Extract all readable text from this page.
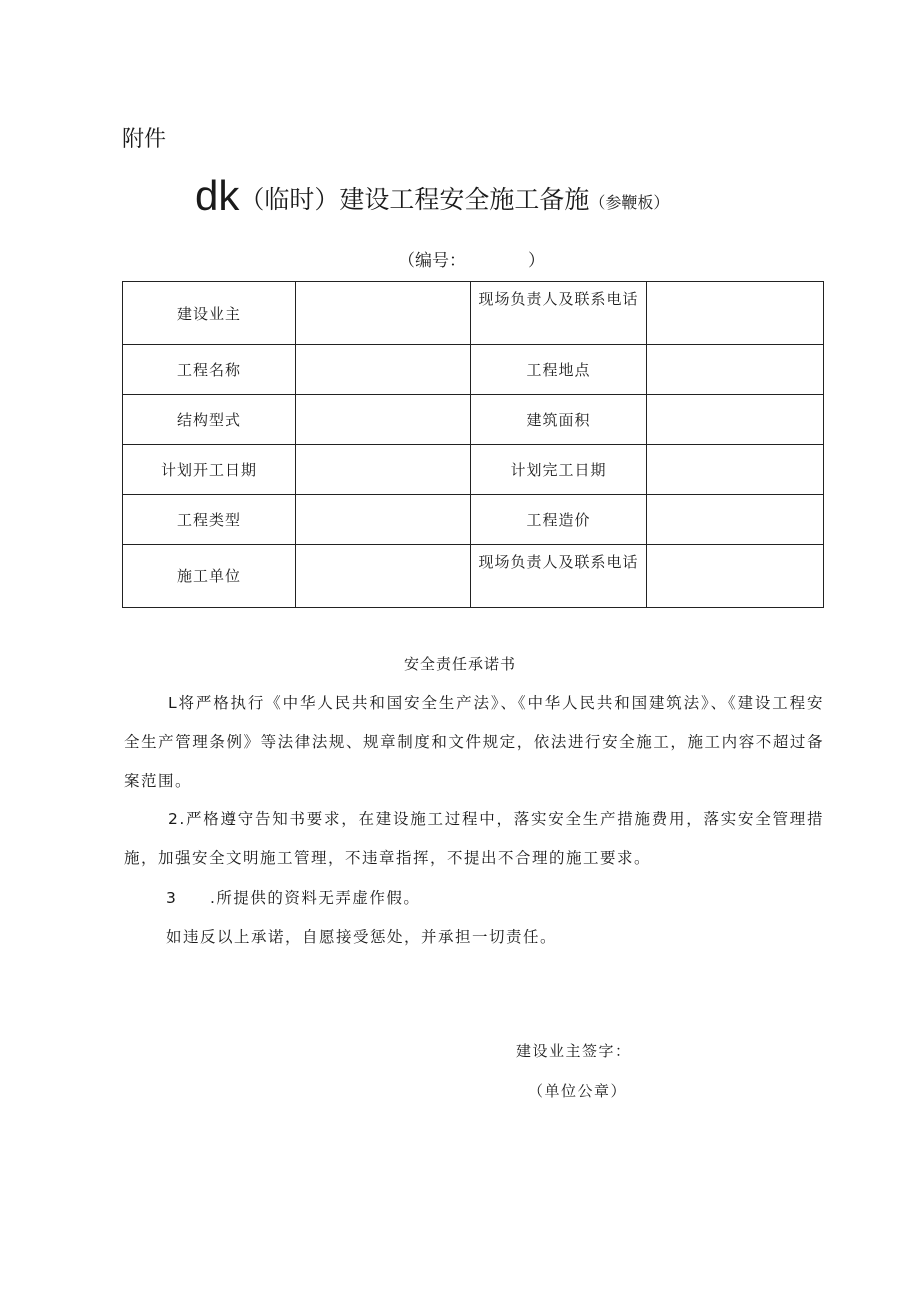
附件
dk（临时）建设工程安全施工备施（参鞭板）
（编号：	）
建设业主		现场负责人及联系电话	
工程名称		工程地点	
结构型式		建筑面积	
计划开工日期		计划完工日期	
工程类型		工程造价	
施工单位		现场负责人及联系电话	
安全责任承诺书
L将严格执行《中华人民共和国安全生产法》、《中华人民共和国建筑法》、《建设工程安全生产管理条例》等法律法规、规章制度和文件规定，依法进行安全施工，施工内容不超过备案范围。
2.严格遵守告知书要求，在建设施工过程中，落实安全生产措施费用，落实安全管理措施，加强安全文明施工管理，不违章指挥，不提出不合理的施工要求。
3 .所提供的资料无弄虚作假。
如违反以上承诺，自愿接受惩处，并承担一切责任。
建设业主签字：
（单位公章）
